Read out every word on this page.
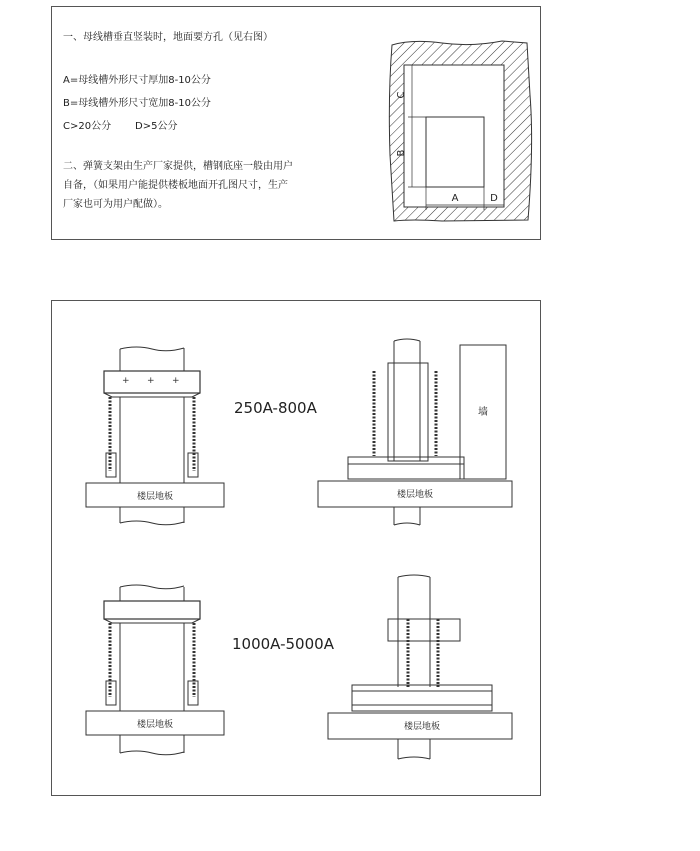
一、母线槽垂直竖装时，地面要方孔（见右图）
A=母线槽外形尺寸厚加8-10公分
B=母线槽外形尺寸宽加8-10公分
C>20公分 D>5公分
二、弹簧支架由生产厂家提供，槽钢底座一般由用户
自备，（如果用户能提供楼板地面开孔图尺寸，生产
厂家也可为用户配做）。
C
B
A	D
+ + +
楼层地板	楼层地板
楼层地板	楼层地板
墙
250A-800A
1000A-5000A
